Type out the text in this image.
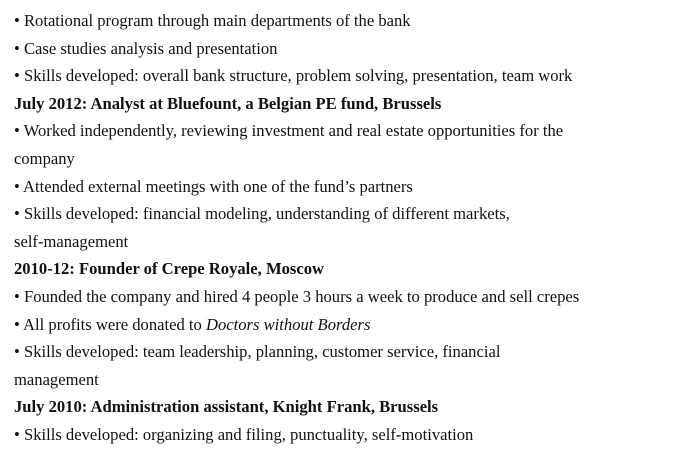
• Rotational program through main departments of the bank
• Case studies analysis and presentation
• Skills developed: overall bank structure, problem solving, presentation, team work
July 2012: Analyst at Bluefount, a Belgian PE fund, Brussels
• Worked independently, reviewing investment and real estate opportunities for the
company
• Attended external meetings with one of the fund’s partners
• Skills developed: financial modeling, understanding of different markets,
self-management
2010-12: Founder of Crepe Royale, Moscow
• Founded the company and hired 4 people 3 hours a week to produce and sell crepes
• All profits were donated to Doctors without Borders
• Skills developed: team leadership, planning, customer service, financial
management
July 2010: Administration assistant, Knight Frank, Brussels
• Skills developed: organizing and filing, punctuality, self-motivation
